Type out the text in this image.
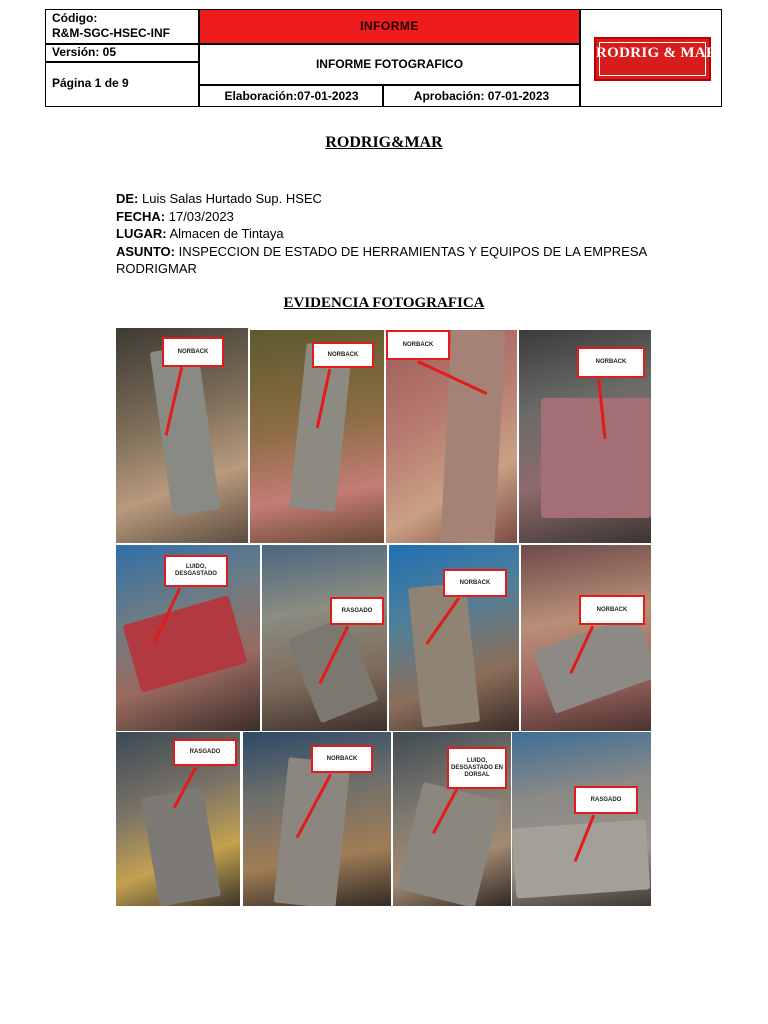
Código:
R&M-SGC-HSEC-INF
Versión: 05
Página 1 de 9
INFORME
INFORME FOTOGRAFICO
Elaboración:07-01-2023	Aprobación: 07-01-2023
RODRIG & MAR
RODRIG&MAR
DE: Luis Salas Hurtado Sup. HSEC
FECHA: 17/03/2023
LUGAR: Almacen de Tintaya
ASUNTO: INSPECCION DE ESTADO DE HERRAMIENTAS Y EQUIPOS DE LA EMPRESA RODRIGMAR
EVIDENCIA FOTOGRAFICA
NORBACK	NORBACK
NORBACK
NORBACK
LUIDO, DESGASTADO
RASGADO
NORBACK
NORBACK
RASGADO
NORBACK	LUIDO, DESGASTADO EN DORSAL
RASGADO
